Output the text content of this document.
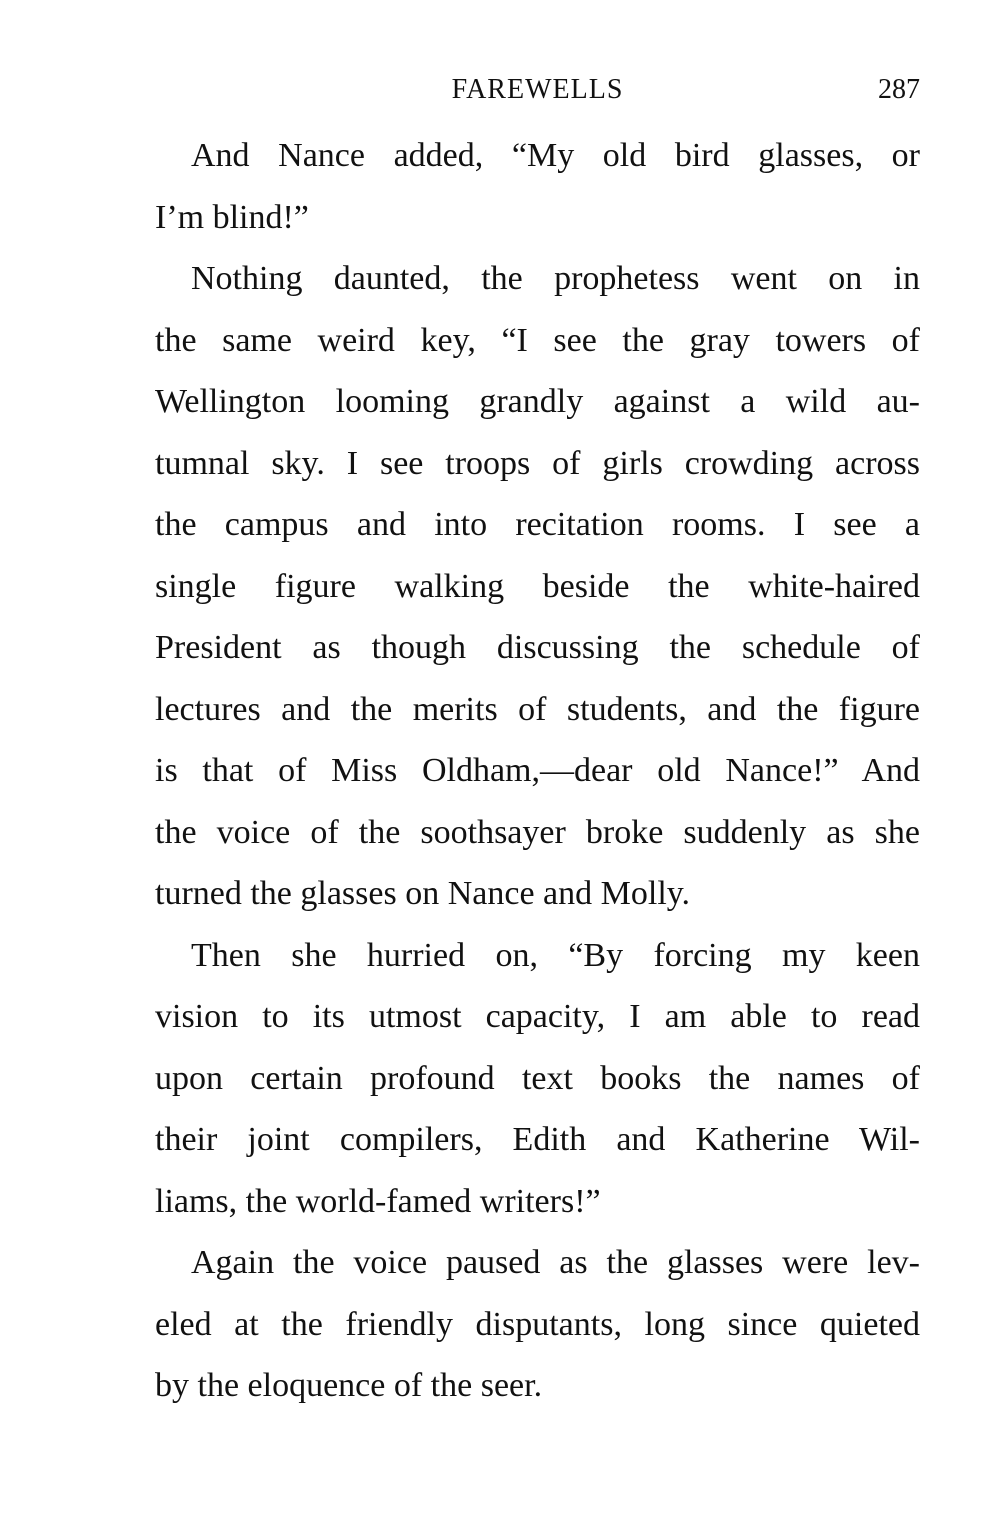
FAREWELLS	287
And Nance added, “My old bird glasses, or
I’m blind!”
Nothing daunted, the prophetess went on in
the same weird key, “I see the gray towers of
Wellington looming grandly against a wild au-
tumnal sky. I see troops of girls crowding across
the campus and into recitation rooms. I see a
single figure walking beside the white-haired
President as though discussing the schedule of
lectures and the merits of students, and the figure
is that of Miss Oldham,—dear old Nance!” And
the voice of the soothsayer broke suddenly as she
turned the glasses on Nance and Molly.
Then she hurried on, “By forcing my keen
vision to its utmost capacity, I am able to read
upon certain profound text books the names of
their joint compilers, Edith and Katherine Wil-
liams, the world-famed writers!”
Again the voice paused as the glasses were lev-
eled at the friendly disputants, long since quieted
by the eloquence of the seer.
